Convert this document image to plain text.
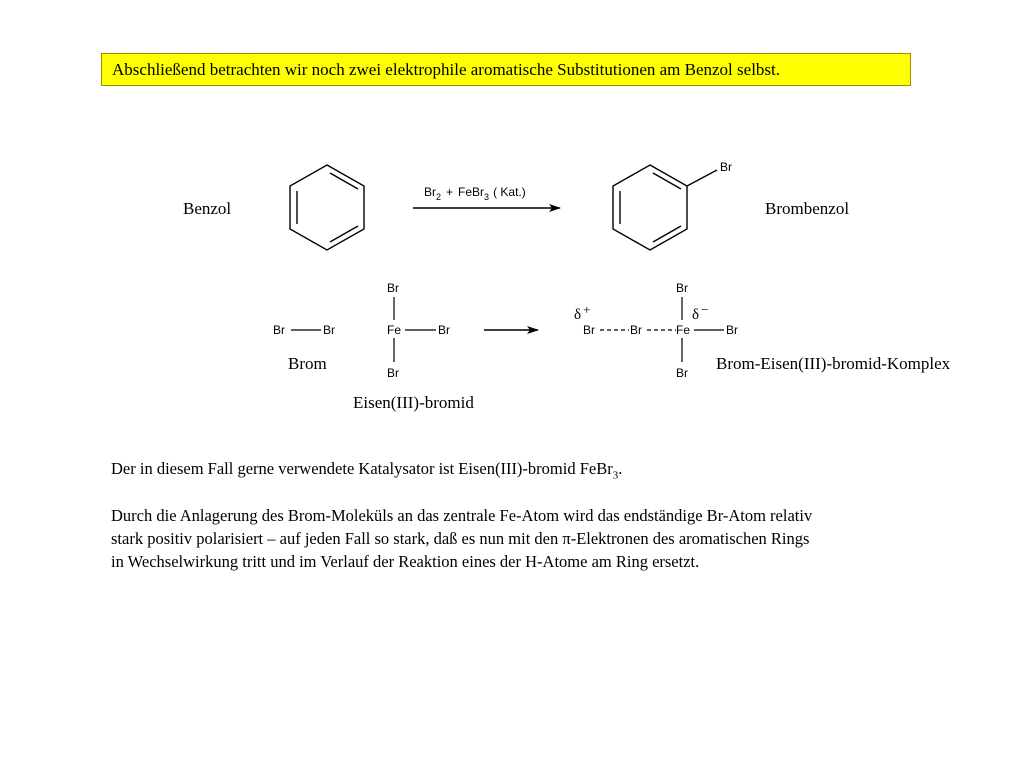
Abschließend betrachten wir noch zwei elektrophile aromatische Substitutionen am Benzol selbst.
Benzol	Brombenzol
$Br_2$ + FeBr$_3$ ( Kat.)
Br
Br	Br
Br
Fe	Br
Br
δ +
Br	Br
Br
Fe
δ −
Br
Br
Brom
Eisen(III)-bromid
Brom-Eisen(III)-bromid-Komplex
Der in diesem Fall gerne verwendete Katalysator ist Eisen(III)-bromid FeBr$_3$.
Durch die Anlagerung des Brom-Moleküls an das zentrale Fe-Atom wird das endständige Br-Atom relativ
stark positiv polarisiert – auf jeden Fall so stark, daß es nun mit den π-Elektronen des aromatischen Rings
in Wechselwirkung tritt und im Verlauf der Reaktion eines der H-Atome am Ring ersetzt.
